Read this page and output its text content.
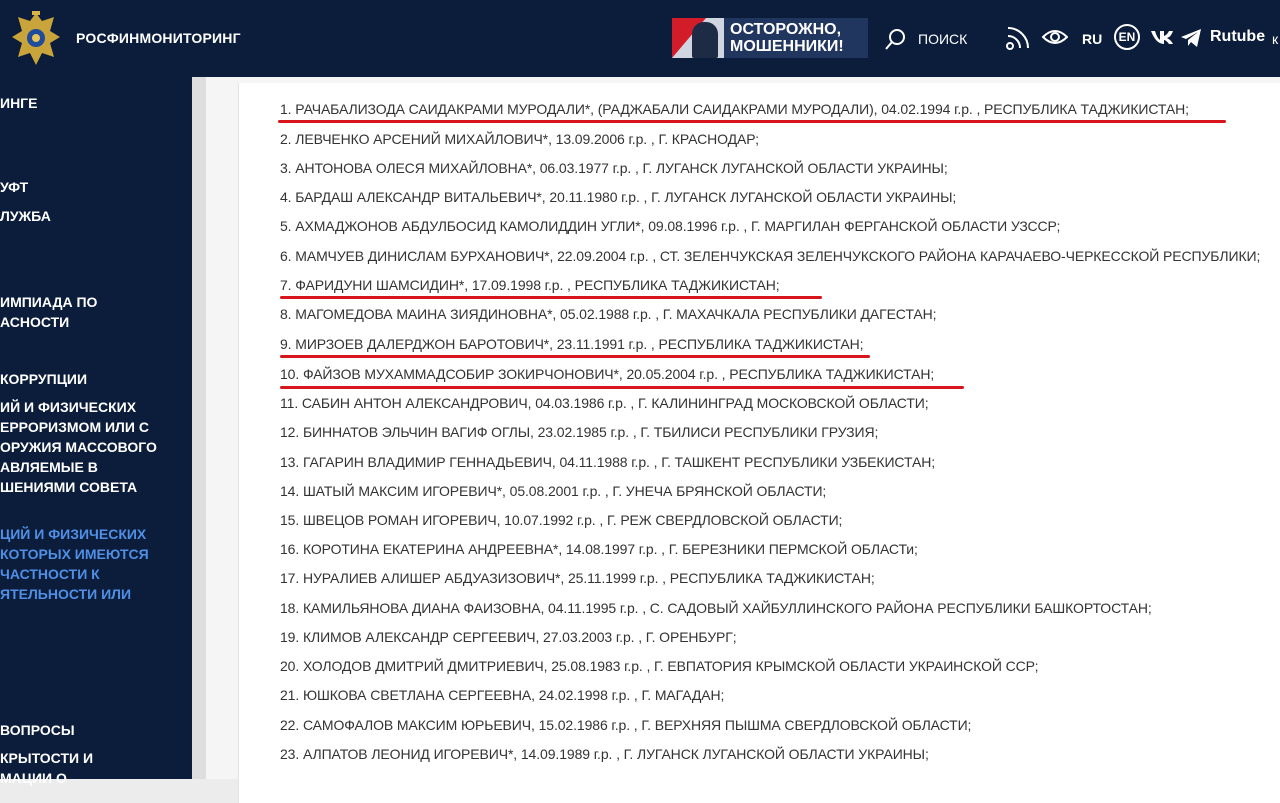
РОСФИНМОНИТОРИНГ	ОСТОРОЖНО,
МОШЕННИКИ!	ПОИСК	RU	EN	Rutube к
ИНГЕ
УФТ
ЛУЖБА
ИМПИАДА ПО
АСНОСТИ
КОРРУПЦИИ
ИЙ И ФИЗИЧЕСКИХ
ЕРРОРИЗМОМ ИЛИ С
ОРУЖИЯ МАССОВОГО
АВЛЯЕМЫЕ В
ШЕНИЯМИ СОВЕТА
ЦИЙ И ФИЗИЧЕСКИХ
КОТОРЫХ ИМЕЮТСЯ
ЧАСТНОСТИ К
ЯТЕЛЬНОСТИ ИЛИ
ВОПРОСЫ
КРЫТОСТИ И
МАЦИИ О
1. РАЧАБАЛИЗОДА САИДАКРАМИ МУРОДАЛИ*, (РАДЖАБАЛИ САИДАКРАМИ МУРОДАЛИ), 04.02.1994 г.р. , РЕСПУБЛИКА ТАДЖИКИСТАН;
2. ЛЕВЧЕНКО АРСЕНИЙ МИХАЙЛОВИЧ*, 13.09.2006 г.р. , Г. КРАСНОДАР;
3. АНТОНОВА ОЛЕСЯ МИХАЙЛОВНА*, 06.03.1977 г.р. , Г. ЛУГАНСК ЛУГАНСКОЙ ОБЛАСТИ УКРАИНЫ;
4. БАРДАШ АЛЕКСАНДР ВИТАЛЬЕВИЧ*, 20.11.1980 г.р. , Г. ЛУГАНСК ЛУГАНСКОЙ ОБЛАСТИ УКРАИНЫ;
5. АХМАДЖОНОВ АБДУЛБОСИД КАМОЛИДДИН УГЛИ*, 09.08.1996 г.р. , Г. МАРГИЛАН ФЕРГАНСКОЙ ОБЛАСТИ УЗССР;
6. МАМЧУЕВ ДИНИСЛАМ БУРХАНОВИЧ*, 22.09.2004 г.р. , СТ. ЗЕЛЕНЧУКСКАЯ ЗЕЛЕНЧУКСКОГО РАЙОНА КАРАЧАЕВО-ЧЕРКЕССКОЙ РЕСПУБЛИКИ;
7. ФАРИДУНИ ШАМСИДИН*, 17.09.1998 г.р. , РЕСПУБЛИКА ТАДЖИКИСТАН;
8. МАГОМЕДОВА МАИНА ЗИЯДИНОВНА*, 05.02.1988 г.р. , Г. МАХАЧКАЛА РЕСПУБЛИКИ ДАГЕСТАН;
9. МИРЗОЕВ ДАЛЕРДЖОН БАРОТОВИЧ*, 23.11.1991 г.р. , РЕСПУБЛИКА ТАДЖИКИСТАН;
10. ФАЙЗОВ МУХАММАДСОБИР ЗОКИРЧОНОВИЧ*, 20.05.2004 г.р. , РЕСПУБЛИКА ТАДЖИКИСТАН;
11. САБИН АНТОН АЛЕКСАНДРОВИЧ, 04.03.1986 г.р. , Г. КАЛИНИНГРАД МОСКОВСКОЙ ОБЛАСТИ;
12. БИННАТОВ ЭЛЬЧИН ВАГИФ ОГЛЫ, 23.02.1985 г.р. , Г. ТБИЛИСИ РЕСПУБЛИКИ ГРУЗИЯ;
13. ГАГАРИН ВЛАДИМИР ГЕННАДЬЕВИЧ, 04.11.1988 г.р. , Г. ТАШКЕНТ РЕСПУБЛИКИ УЗБЕКИСТАН;
14. ШАТЫЙ МАКСИМ ИГОРЕВИЧ*, 05.08.2001 г.р. , Г. УНЕЧА БРЯНСКОЙ ОБЛАСТИ;
15. ШВЕЦОВ РОМАН ИГОРЕВИЧ, 10.07.1992 г.р. , Г. РЕЖ СВЕРДЛОВСКОЙ ОБЛАСТИ;
16. КОРОТИНА ЕКАТЕРИНА АНДРЕЕВНА*, 14.08.1997 г.р. , Г. БЕРЕЗНИКИ ПЕРМСКОЙ ОБЛАСТи;
17. НУРАЛИЕВ АЛИШЕР АБДУАЗИЗОВИЧ*, 25.11.1999 г.р. , РЕСПУБЛИКА ТАДЖИКИСТАН;
18. КАМИЛЬЯНОВА ДИАНА ФАИЗОВНА, 04.11.1995 г.р. , С. САДОВЫЙ ХАЙБУЛЛИНСКОГО РАЙОНА РЕСПУБЛИКИ БАШКОРТОСТАН;
19. КЛИМОВ АЛЕКСАНДР СЕРГЕЕВИЧ, 27.03.2003 г.р. , Г. ОРЕНБУРГ;
20. ХОЛОДОВ ДМИТРИЙ ДМИТРИЕВИЧ, 25.08.1983 г.р. , Г. ЕВПАТОРИЯ КРЫМСКОЙ ОБЛАСТИ УКРАИНСКОЙ ССР;
21. ЮШКОВА СВЕТЛАНА СЕРГЕЕВНА, 24.02.1998 г.р. , Г. МАГАДАН;
22. САМОФАЛОВ МАКСИМ ЮРЬЕВИЧ, 15.02.1986 г.р. , Г. ВЕРХНЯЯ ПЫШМА СВЕРДЛОВСКОЙ ОБЛАСТИ;
23. АЛПАТОВ ЛЕОНИД ИГОРЕВИЧ*, 14.09.1989 г.р. , Г. ЛУГАНСК ЛУГАНСКОЙ ОБЛАСТИ УКРАИНЫ;
